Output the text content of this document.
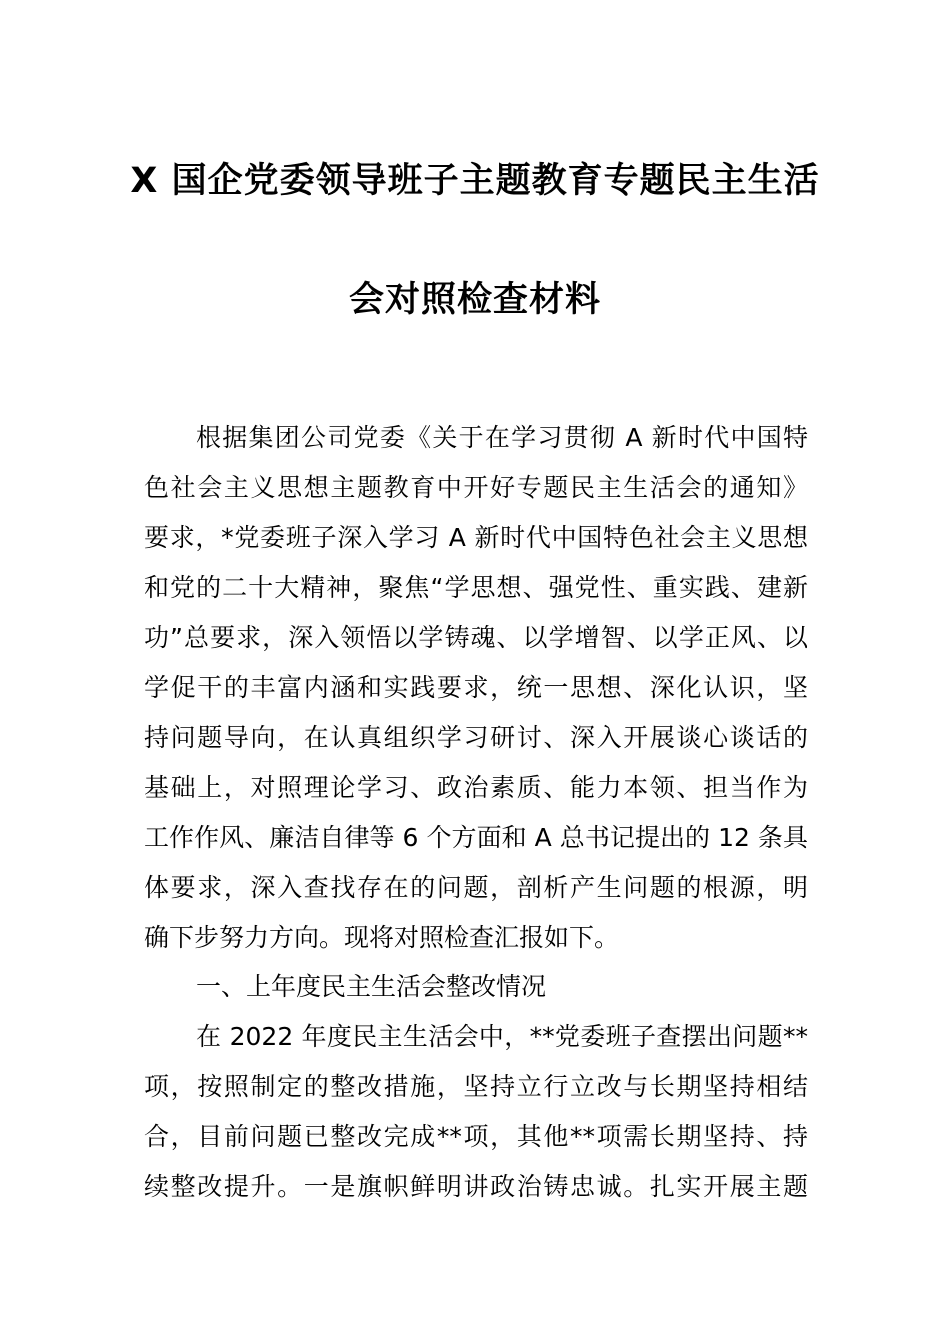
X 国企党委领导班子主题教育专题民主生活
会对照检查材料
根据集团公司党委《关于在学习贯彻 A 新时代中国特
色社会主义思想主题教育中开好专题民主生活会的通知》
要求，*党委班子深入学习 A 新时代中国特色社会主义思想
和党的二十大精神，聚焦“学思想、强党性、重实践、建新
功”总要求，深入领悟以学铸魂、以学增智、以学正风、以
学促干的丰富内涵和实践要求，统一思想、深化认识，坚
持问题导向，在认真组织学习研讨、深入开展谈心谈话的
基础上，对照理论学习、政治素质、能力本领、担当作为
工作作风、廉洁自律等 6 个方面和 A 总书记提出的 12 条具
体要求，深入查找存在的问题，剖析产生问题的根源，明
确下步努力方向。现将对照检查汇报如下。
一、上年度民主生活会整改情况
在 2022 年度民主生活会中，**党委班子查摆出问题**
项，按照制定的整改措施，坚持立行立改与长期坚持相结
合，目前问题已整改完成**项，其他**项需长期坚持、持
续整改提升。一是旗帜鲜明讲政治铸忠诚。扎实开展主题
